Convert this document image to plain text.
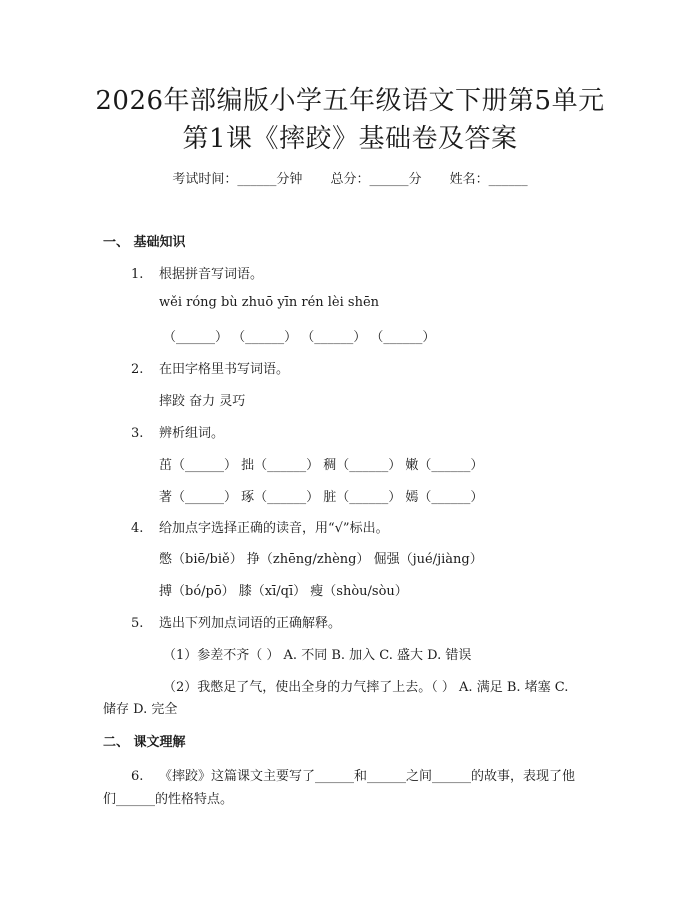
2026年部编版小学五年级语文下册第5单元
第1课《摔跤》基础卷及答案
考试时间：______分钟 总分：______分 姓名：______
一、 基础知识
1. 根据拼音写词语。
wěi róng bù zhuō yīn rén lèi shēn
（______） （______） （______） （______）
2. 在田字格里书写词语。
摔跤 奋力 灵巧
3. 辨析组词。
茁（______） 拙（______） 稠（______） 嫩（______）
著（______） 琢（______） 脏（______） 嫣（______）
4. 给加点字选择正确的读音，用“√”标出。
憋（biē/biě） 挣（zhēng/zhèng） 倔强（jué/jiàng）
搏（bó/pō） 膝（xī/qī） 瘦（shòu/sòu）
5. 选出下列加点词语的正确解释。
（1）参差不齐（ ） A. 不同 B. 加入 C. 盛大 D. 错误
（2）我憋足了气，使出全身的力气摔了上去。（ ） A. 满足 B. 堵塞 C.
储存 D. 完全
二、 课文理解
6. 《摔跤》这篇课文主要写了______和______之间______的故事，表现了他
们______的性格特点。
